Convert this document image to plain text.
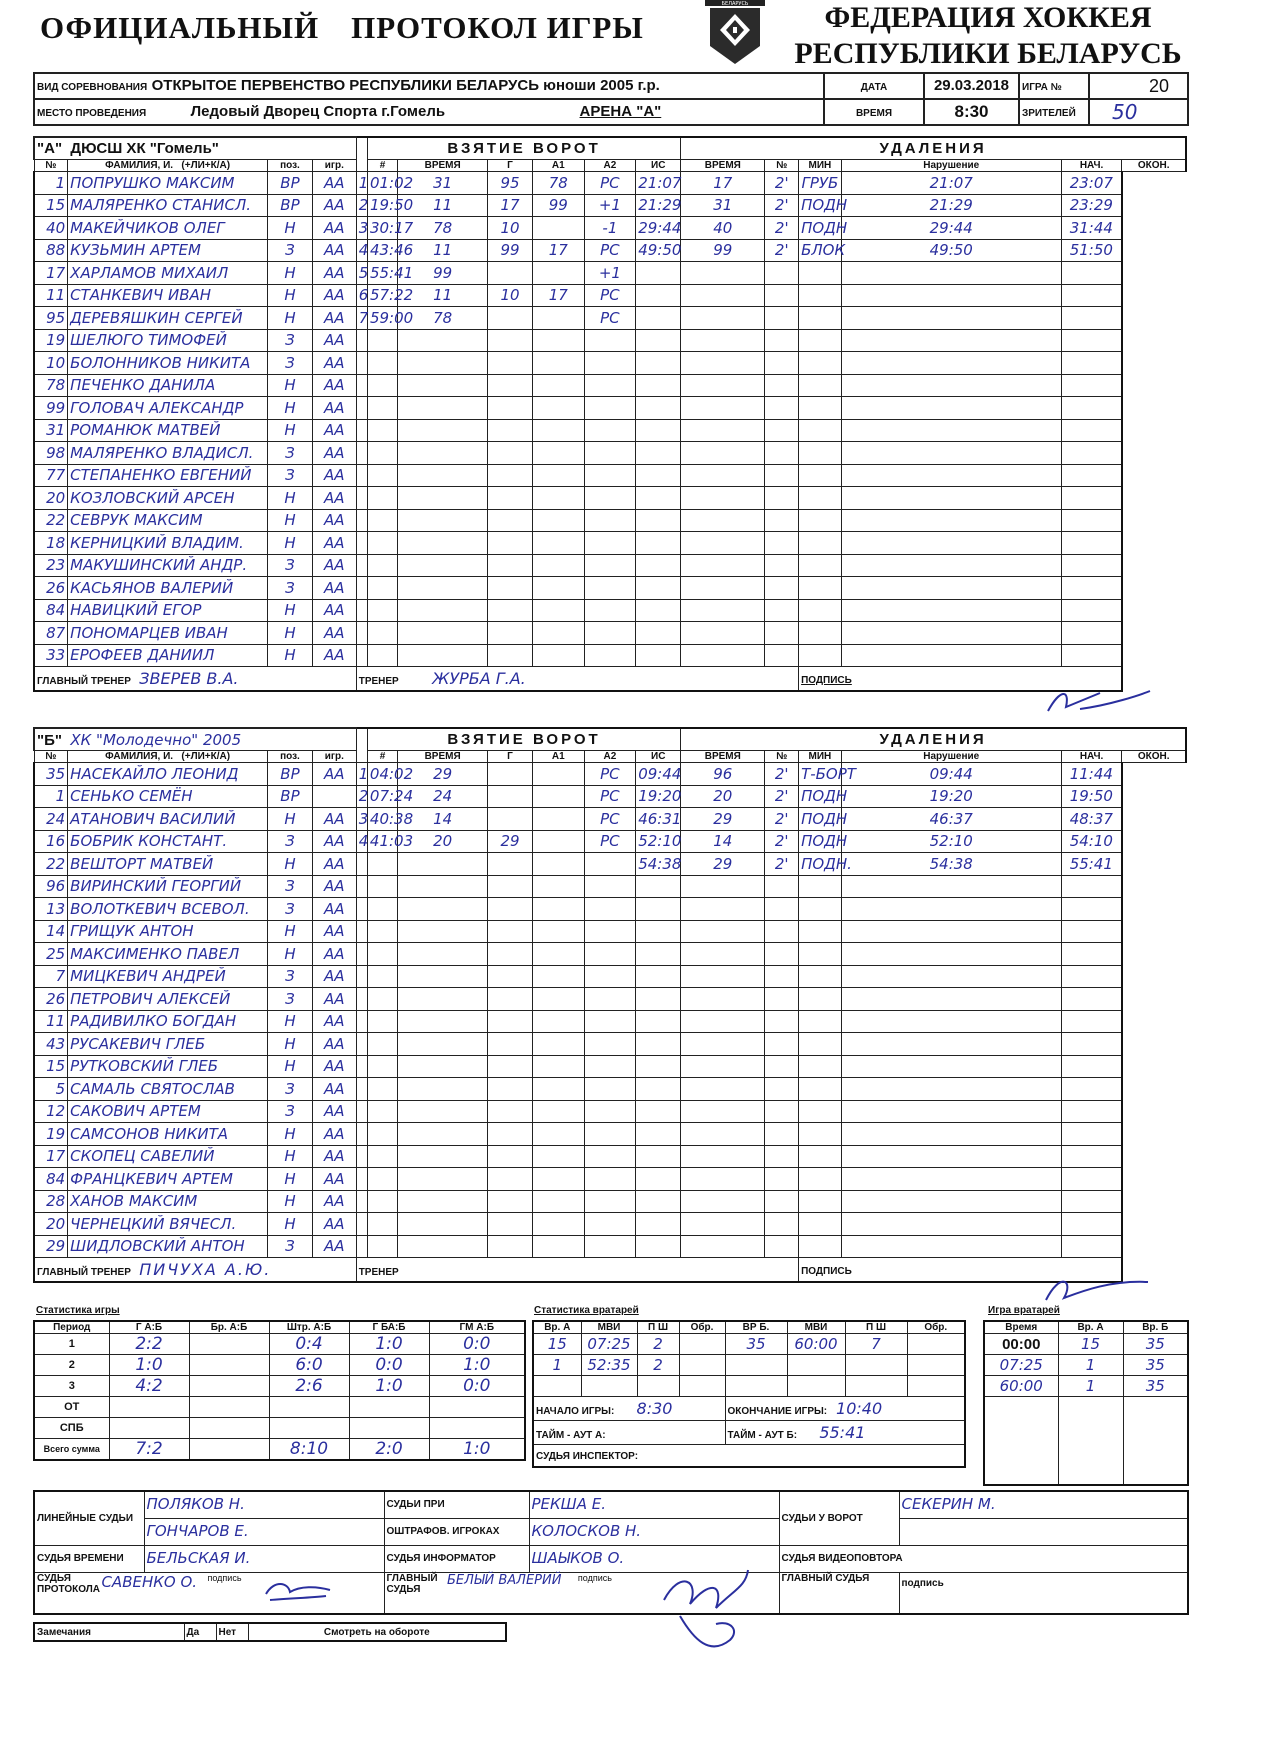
ОФИЦИАЛЬНЫЙ ПРОТОКОЛ ИГРЫ
БЕЛАРУСЬ	ФЕДЕРАЦИЯ ХОККЕЯ
РЕСПУБЛИКИ БЕЛАРУСЬ
ВИД СОРЕВНОВАНИЯ ОТКРЫТОЕ ПЕРВЕНСТВО РЕСПУБЛИКИ БЕЛАРУСЬ юноши 2005 г.р.	ДАТА	29.03.2018	ИГРА №	20
МЕСТО ПРОВЕДЕНИЯ Ледовый Дворец Спорта г.Гомель АРЕНА "А"	ВРЕМЯ	8:30	ЗРИТЕЛЕЙ	50
"А" ДЮСШ ХК "Гомель"					ВЗЯТИЕ ВОРОТ						УДАЛЕНИЯ					
№	ФАМИЛИЯ, И. (+ЛИ+К/А)	поз.	игр.		#	ВРЕМЯ	Г	А1	А2	ИС	ВРЕМЯ	№	МИН	Нарушение	НАЧ.	ОКОН.
1	ПОПРУШКО МАКСИМ	ВР	АА	1	01:02	31	95	78	РС	21:07	17	2'	ГРУБ	21:07	23:07	
15	МАЛЯРЕНКО СТАНИСЛ.	ВР	АА	2	19:50	11	17	99	+1	21:29	31	2'	ПОДН	21:29	23:29	
40	МАКЕЙЧИКОВ ОЛЕГ	Н	АА	3	30:17	78	10		-1	29:44	40	2'	ПОДН	29:44	31:44	
88	КУЗЬМИН АРТЕМ	З	АА	4	43:46	11	99	17	РС	49:50	99	2'	БЛОК	49:50	51:50	
17	ХАРЛАМОВ МИХАИЛ	Н	АА	5	55:41	99			+1							
11	СТАНКЕВИЧ ИВАН	Н	АА	6	57:22	11	10	17	РС							
95	ДЕРЕВЯШКИН СЕРГЕЙ	Н	АА	7	59:00	78			РС							
19	ШЕЛЮГО ТИМОФЕЙ	З	АА													
10	БОЛОННИКОВ НИКИТА	З	АА													
78	ПЕЧЕНКО ДАНИЛА	Н	АА													
99	ГОЛОВАЧ АЛЕКСАНДР	Н	АА													
31	РОМАНЮК МАТВЕЙ	Н	АА													
98	МАЛЯРЕНКО ВЛАДИСЛ.	З	АА													
77	СТЕПАНЕНКО ЕВГЕНИЙ	З	АА													
20	КОЗЛОВСКИЙ АРСЕН	Н	АА													
22	СЕВРУК МАКСИМ	Н	АА													
18	КЕРНИЦКИЙ ВЛАДИМ.	Н	АА													
23	МАКУШИНСКИЙ АНДР.	З	АА													
26	КАСЬЯНОВ ВАЛЕРИЙ	З	АА													
84	НАВИЦКИЙ ЕГОР	Н	АА													
87	ПОНОМАРЦЕВ ИВАН	Н	АА													
33	ЕРОФЕЕВ ДАНИИЛ	Н	АА													
ГЛАВНЫЙ ТРЕНЕР ЗВЕРЕВ В.А.				ТРЕНЕР ЖУРБА Г.А.									ПОДПИСЬ			
"Б" ХК "Молодечно" 2005					ВЗЯТИЕ ВОРОТ						УДАЛЕНИЯ					
№	ФАМИЛИЯ, И. (+ЛИ+К/А)	поз.	игр.		#	ВРЕМЯ	Г	А1	А2	ИС	ВРЕМЯ	№	МИН	Нарушение	НАЧ.	ОКОН.
35	НАСЕКАЙЛО ЛЕОНИД	ВР	АА	1	04:02	29			РС	09:44	96	2'	Т-БОРТ	09:44	11:44	
1	СЕНЬКО СЕМЁН	ВР		2	07:24	24			РС	19:20	20	2'	ПОДН	19:20	19:50	
24	АТАНОВИЧ ВАСИЛИЙ	Н	АА	3	40:38	14			РС	46:31	29	2'	ПОДН	46:37	48:37	
16	БОБРИК КОНСТАНТ.	З	АА	4	41:03	20	29		РС	52:10	14	2'	ПОДН	52:10	54:10	
22	ВЕШТОРТ МАТВЕЙ	Н	АА							54:38	29	2'	ПОДН.	54:38	55:41	
96	ВИРИНСКИЙ ГЕОРГИЙ	З	АА													
13	ВОЛОТКЕВИЧ ВСЕВОЛ.	З	АА													
14	ГРИЩУК АНТОН	Н	АА													
25	МАКСИМЕНКО ПАВЕЛ	Н	АА													
7	МИЦКЕВИЧ АНДРЕЙ	З	АА													
26	ПЕТРОВИЧ АЛЕКСЕЙ	З	АА													
11	РАДИВИЛКО БОГДАН	Н	АА													
43	РУСАКЕВИЧ ГЛЕБ	Н	АА													
15	РУТКОВСКИЙ ГЛЕБ	Н	АА													
5	САМАЛЬ СВЯТОСЛАВ	З	АА													
12	САКОВИЧ АРТЕМ	З	АА													
19	САМСОНОВ НИКИТА	Н	АА													
17	СКОПЕЦ САВЕЛИЙ	Н	АА													
84	ФРАНЦКЕВИЧ АРТЕМ	Н	АА													
28	ХАНОВ МАКСИМ	Н	АА													
20	ЧЕРНЕЦКИЙ ВЯЧЕСЛ.	Н	АА													
29	ШИДЛОВСКИЙ АНТОН	З	АА													
ГЛАВНЫЙ ТРЕНЕР ПИЧУХА А.Ю.				ТРЕНЕР									ПОДПИСЬ			
Статистика игры
Период	Г А:Б	Бр. А:Б	Штр. А:Б	Г БА:Б	ГМ А:Б
1	2:2		0:4	1:0	0:0
2	1:0		6:0	0:0	1:0
3	4:2		2:6	1:0	0:0
ОТ					
СПБ					
Всего сумма	7:2		8:10	2:0	1:0
Статистика вратарей
Вр. А	МВИ	П Ш	Обр.	ВР Б.	МВИ	П Ш	Обр.
15	07:25	2		35	60:00	7	
1	52:35	2					

НАЧАЛО ИГРЫ: 8:30				ОКОНЧАНИЕ ИГРЫ: 10:40			
ТАЙМ - АУТ А:				ТАЙМ - АУТ Б: 55:41			
СУДЬЯ ИНСПЕКТОР:							
Игра вратарей
Время	Вр. А	Вр. Б
00:00	15	35
07:25	1	35
60:00	1	35

ЛИНЕЙНЫЕ СУДЬИ	ПОЛЯКОВ Н.	СУДЬИ ПРИ	РЕКША Е.	СУДЬИ У ВОРОТ	СЕКЕРИН М.
	ГОНЧАРОВ Е.	ОШТРАФОВ. ИГРОКАХ	КОЛОСКОВ Н.		
СУДЬЯ ВРЕМЕНИ	БЕЛЬСКАЯ И.	СУДЬЯ ИНФОРМАТОР	ШАЫКОВ О.	СУДЬЯ ВИДЕОПОВТОРА	
СУДЬЯ ПРОТОКОЛА САВЕНКО О. $^{подпись}$		ГЛАВНЫЙ СУДЬЯ $^{БЕЛЫЙ ВАЛЕРИЙ}$ $^{подпись}$		ГЛАВНЫЙ СУДЬЯ	подпись
Замечания	Да	Нет	Смотреть на обороте
